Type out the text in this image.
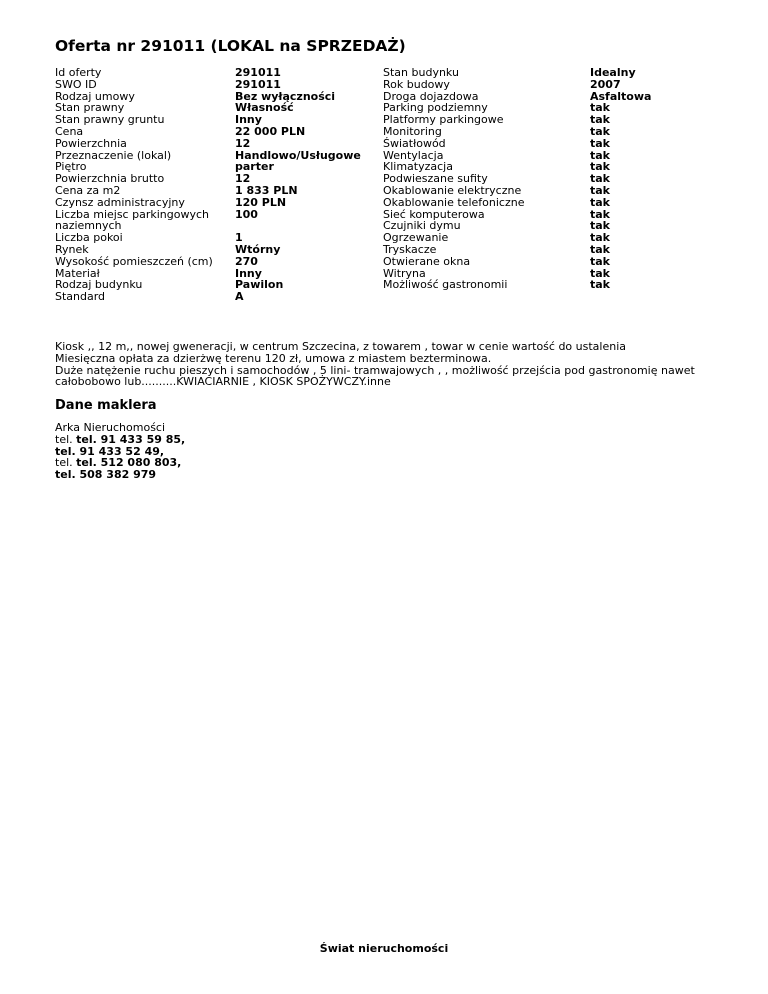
Oferta nr 291011 (LOKAL na SPRZEDAŻ)
Id oferty	291011
SWO ID	291011
Rodzaj umowy	Bez wyłączności
Stan prawny	Własność
Stan prawny gruntu	Inny
Cena	22 000 PLN
Powierzchnia	12
Przeznaczenie (lokal)	Handlowo/Usługowe
Piętro	parter
Powierzchnia brutto	12
Cena za m2	1 833 PLN
Czynsz administracyjny	120 PLN
Liczba miejsc parkingowych naziemnych	100
Liczba pokoi	1
Rynek	Wtórny
Wysokość pomieszczeń (cm)	270
Materiał	Inny
Rodzaj budynku	Pawilon
Standard	A
Stan budynku	Idealny
Rok budowy	2007
Droga dojazdowa	Asfaltowa
Parking podziemny	tak
Platformy parkingowe	tak
Monitoring	tak
Światłowód	tak
Wentylacja	tak
Klimatyzacja	tak
Podwieszane sufity	tak
Okablowanie elektryczne	tak
Okablowanie telefoniczne	tak
Sieć komputerowa	tak
Czujniki dymu	tak
Ogrzewanie	tak
Tryskacze	tak
Otwierane okna	tak
Witryna	tak
Możliwość gastronomii	tak

Kiosk ,, 12 m,, nowej gweneracji, w centrum Szczecina, z towarem , towar w cenie wartość do ustalenia

Miesięczna opłata za dzierżwę terenu 120 zł, umowa z miastem bezterminowa.

Duże natężenie ruchu pieszych i samochodów , 5 lini- tramwajowych , , możliwość przejścia pod gastronomię nawet całobobowo lub..........KWIACIARNIE , KIOSK SPOŻYWCZY.inne

Dane maklera
Arka Nieruchomości
tel. tel. 91 433 59 85,
tel. 91 433 52 49,
tel. tel. 512 080 803,
tel. 508 382 979
Świat nieruchomości
